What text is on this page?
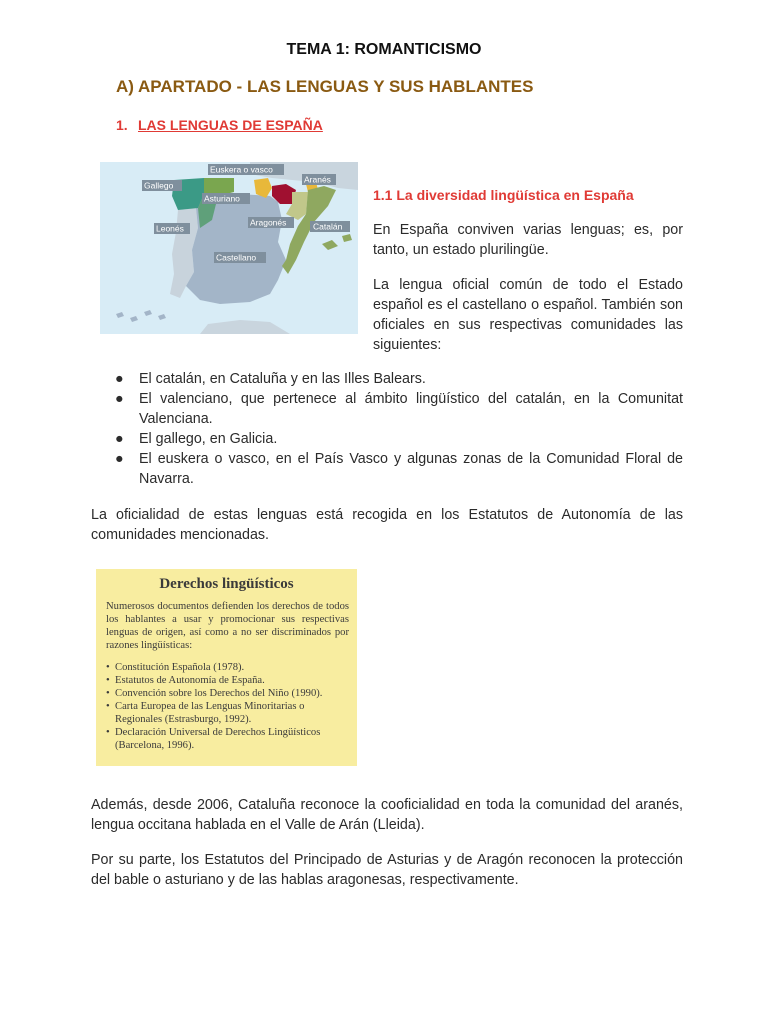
TEMA 1: ROMANTICISMO
A) APARTADO - LAS LENGUAS Y SUS HABLANTES
1. LAS LENGUAS DE ESPAÑA
Euskera o vasco
Aranés
Gallego
Asturiano
Leonés
Aragonés	Catalán
Castellano
1.1 La diversidad lingüística en España

En España conviven varias lenguas; es, por tanto, un estado plurilingüe.

La lengua oficial común de todo el Estado español es el castellano o español. También son oficiales en sus respectivas comunidades las siguientes:

● El catalán, en Cataluña y en las Illes Balears.
● El valenciano, que pertenece al ámbito lingüístico del catalán, en la Comunitat Valenciana.
● El gallego, en Galicia.
● El euskera o vasco, en el País Vasco y algunas zonas de la Comunidad Floral de Navarra.

La oficialidad de estas lenguas está recogida en los Estatutos de Autonomía de las comunidades mencionadas.

Derechos lingüísticos

Numerosos documentos defienden los derechos de todos los hablantes a usar y promocionar sus respectivas lenguas de origen, así como a no ser discriminados por razones lingüísticas:

• Constitución Española (1978).
• Estatutos de Autonomía de España.
• Convención sobre los Derechos del Niño (1990).
• Carta Europea de las Lenguas Minoritarias o Regionales (Estrasburgo, 1992).
• Declaración Universal de Derechos Lingüísticos (Barcelona, 1996).

Además, desde 2006, Cataluña reconoce la cooficialidad en toda la comunidad del aranés, lengua occitana hablada en el Valle de Arán (Lleida).

Por su parte, los Estatutos del Principado de Asturias y de Aragón reconocen la protección del bable o asturiano y de las hablas aragonesas, respectivamente.
